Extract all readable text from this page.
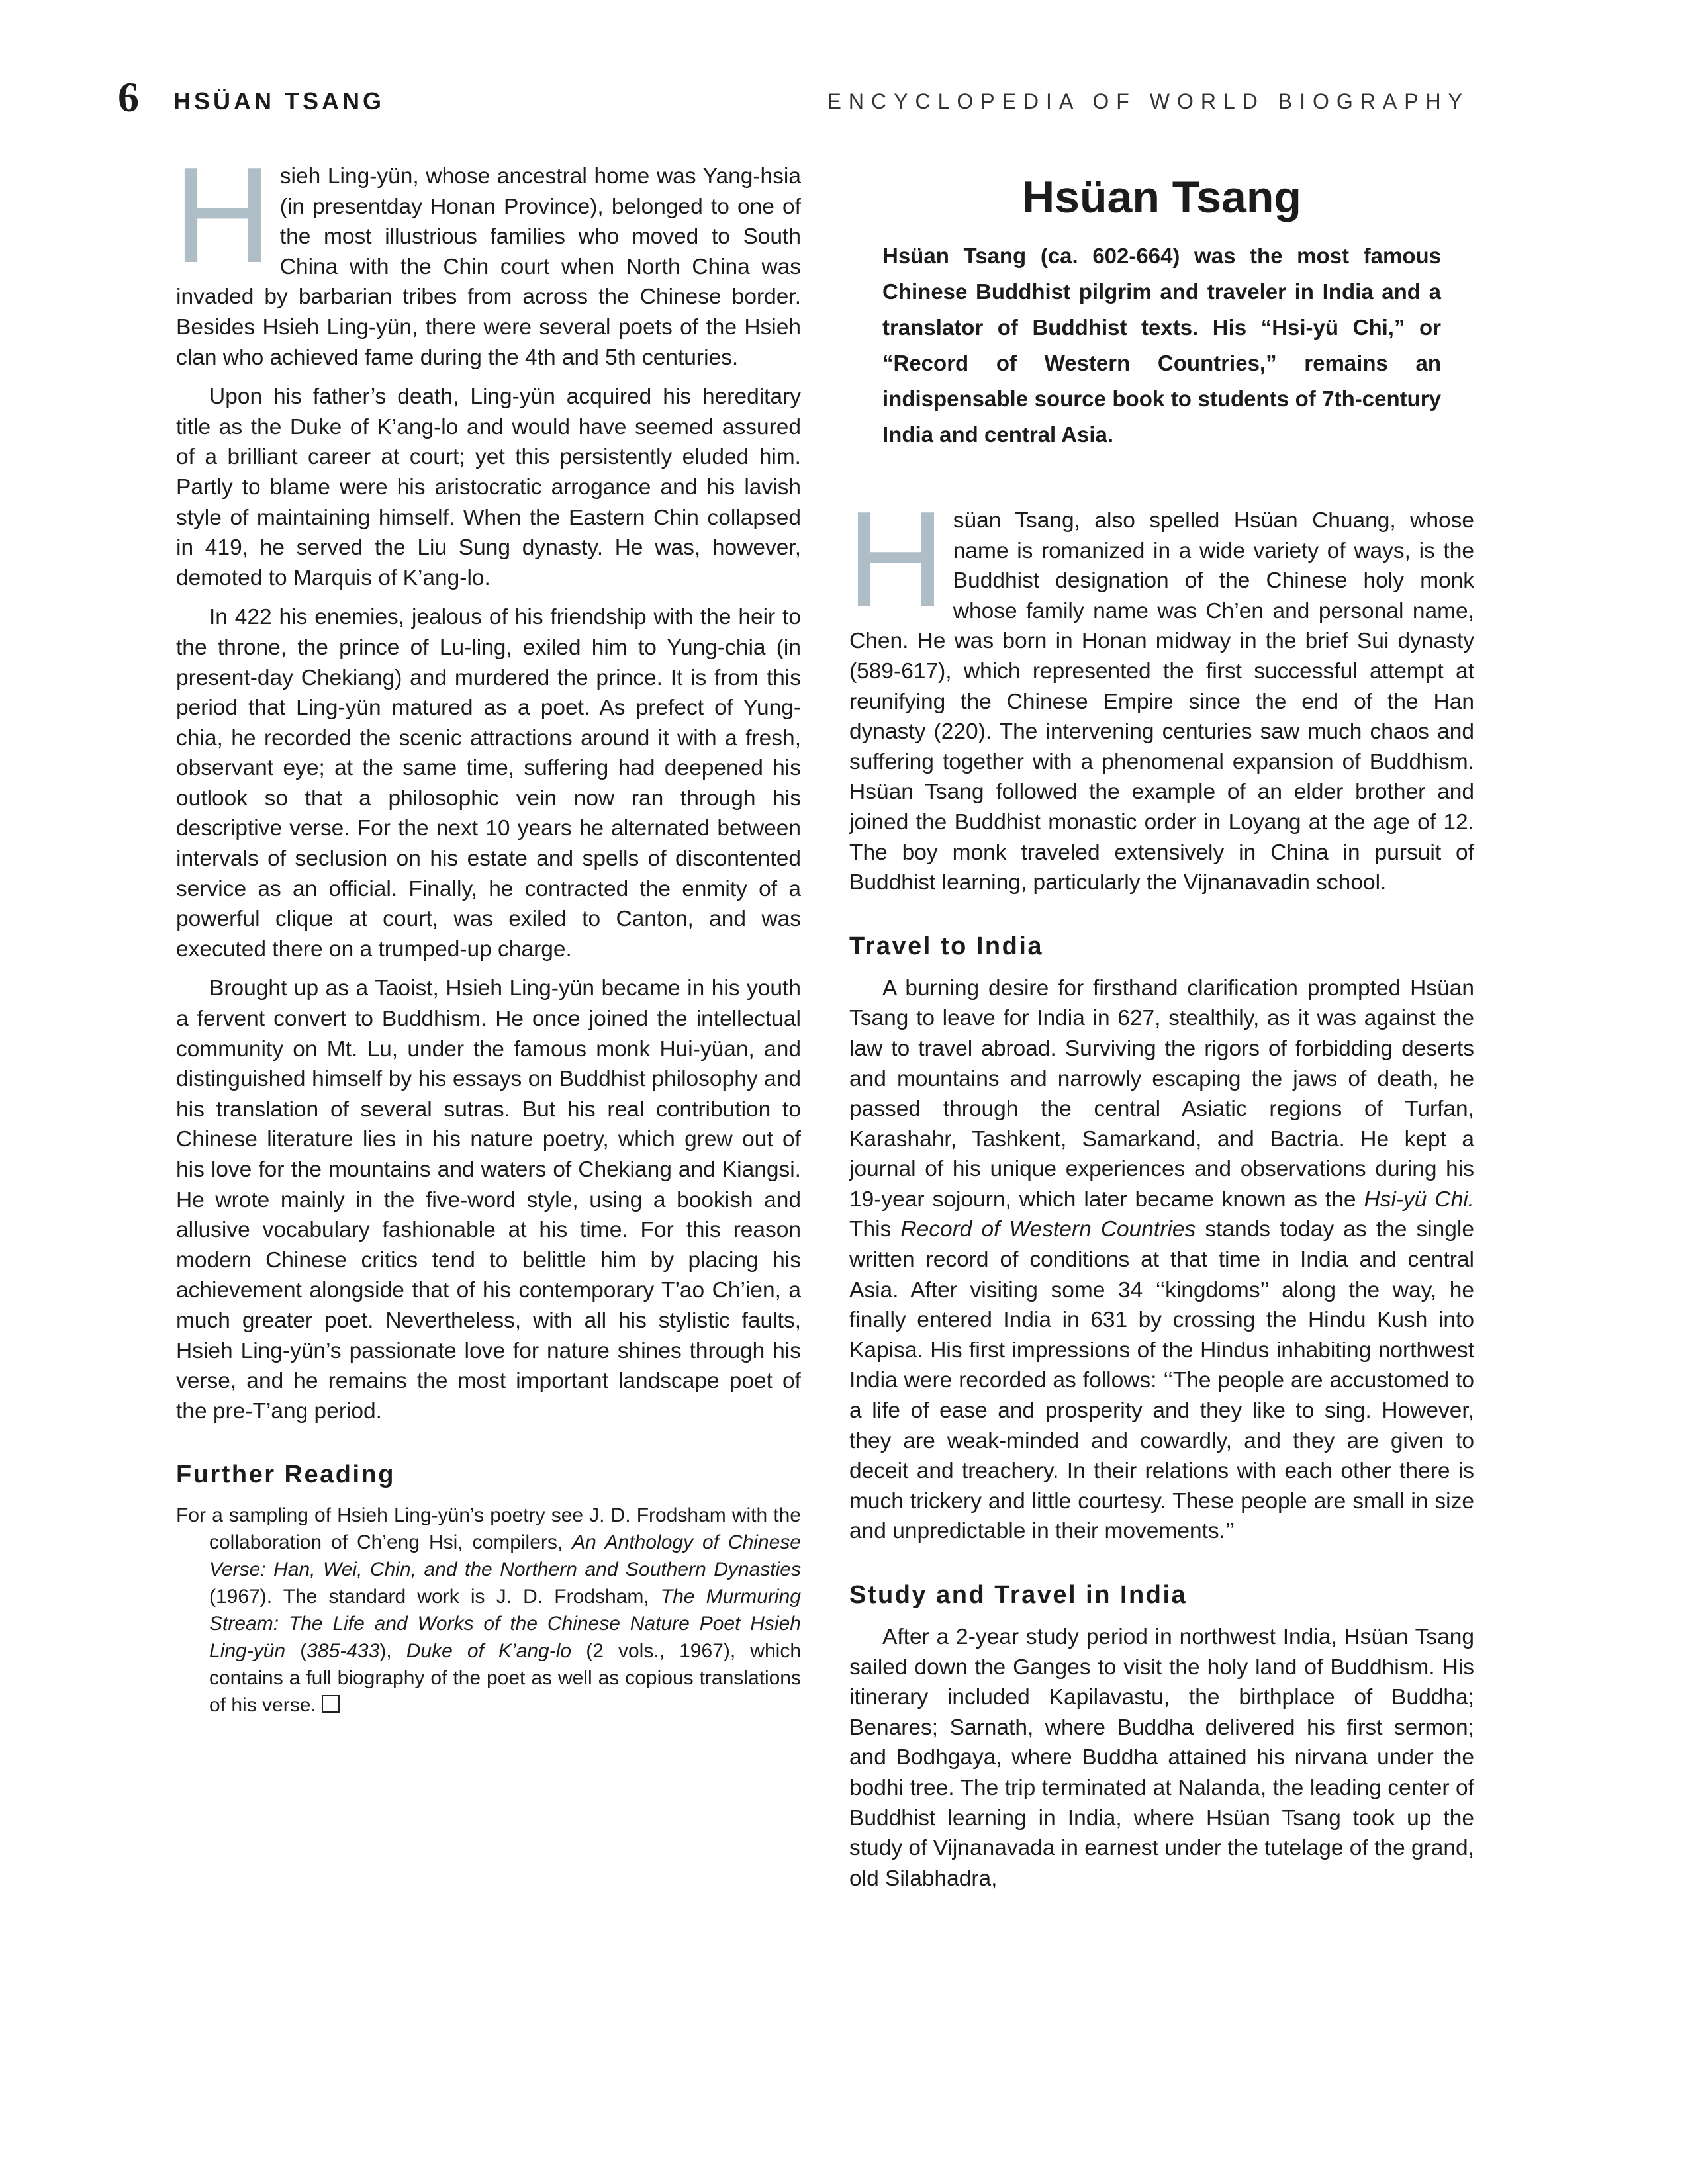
6 HSÜAN TSANG	ENCYCLOPEDIA OF WORLD BIOGRAPHY

Hsieh Ling-yün, whose ancestral home was Yang-hsia (in presentday Honan Province), belonged to one of the most illustrious families who moved to South China with the Chin court when North China was invaded by barbarian tribes from across the Chinese border. Besides Hsieh Ling-yün, there were several poets of the Hsieh clan who achieved fame during the 4th and 5th centuries.

Upon his father’s death, Ling-yün acquired his hereditary title as the Duke of K’ang-lo and would have seemed assured of a brilliant career at court; yet this persistently eluded him. Partly to blame were his aristocratic arrogance and his lavish style of maintaining himself. When the Eastern Chin collapsed in 419, he served the Liu Sung dynasty. He was, however, demoted to Marquis of K’ang-lo.

In 422 his enemies, jealous of his friendship with the heir to the throne, the prince of Lu-ling, exiled him to Yung-chia (in present-day Chekiang) and murdered the prince. It is from this period that Ling-yün matured as a poet. As prefect of Yung-chia, he recorded the scenic attractions around it with a fresh, observant eye; at the same time, suffering had deepened his outlook so that a philosophic vein now ran through his descriptive verse. For the next 10 years he alternated between intervals of seclusion on his estate and spells of discontented service as an official. Finally, he contracted the enmity of a powerful clique at court, was exiled to Canton, and was executed there on a trumped-up charge.

Brought up as a Taoist, Hsieh Ling-yün became in his youth a fervent convert to Buddhism. He once joined the intellectual community on Mt. Lu, under the famous monk Hui-yüan, and distinguished himself by his essays on Buddhist philosophy and his translation of several sutras. But his real contribution to Chinese literature lies in his nature poetry, which grew out of his love for the mountains and waters of Chekiang and Kiangsi. He wrote mainly in the five-word style, using a bookish and allusive vocabulary fashionable at his time. For this reason modern Chinese critics tend to belittle him by placing his achievement alongside that of his contemporary T’ao Ch’ien, a much greater poet. Nevertheless, with all his stylistic faults, Hsieh Ling-yün’s passionate love for nature shines through his verse, and he remains the most important landscape poet of the pre-T’ang period.

Further Reading

For a sampling of Hsieh Ling-yün’s poetry see J. D. Frodsham with the collaboration of Ch’eng Hsi, compilers, An Anthology of Chinese Verse: Han, Wei, Chin, and the Northern and Southern Dynasties (1967). The standard work is J. D. Frodsham, The Murmuring Stream: The Life and Works of the Chinese Nature Poet Hsieh Ling-yün (385-433), Duke of K’ang-lo (2 vols., 1967), which contains a full biography of the poet as well as copious translations of his verse.

Hsüan Tsang
Hsüan Tsang (ca. 602-664) was the most famous Chinese Buddhist pilgrim and traveler in India and a translator of Buddhist texts. His “Hsi-yü Chi,” or “Record of Western Countries,” remains an indispensable source book to students of 7th-century India and central Asia.

Hsüan Tsang, also spelled Hsüan Chuang, whose name is romanized in a wide variety of ways, is the Buddhist designation of the Chinese holy monk whose family name was Ch’en and personal name, Chen. He was born in Honan midway in the brief Sui dynasty (589-617), which represented the first successful attempt at reunifying the Chinese Empire since the end of the Han dynasty (220). The intervening centuries saw much chaos and suffering together with a phenomenal expansion of Buddhism. Hsüan Tsang followed the example of an elder brother and joined the Buddhist monastic order in Loyang at the age of 12. The boy monk traveled extensively in China in pursuit of Buddhist learning, particularly the Vijnanavadin school.

Travel to India

A burning desire for firsthand clarification prompted Hsüan Tsang to leave for India in 627, stealthily, as it was against the law to travel abroad. Surviving the rigors of forbidding deserts and mountains and narrowly escaping the jaws of death, he passed through the central Asiatic regions of Turfan, Karashahr, Tashkent, Samarkand, and Bactria. He kept a journal of his unique experiences and observations during his 19-year sojourn, which later became known as the Hsi-yü Chi. This Record of Western Countries stands today as the single written record of conditions at that time in India and central Asia. After visiting some 34 ‘‘kingdoms’’ along the way, he finally entered India in 631 by crossing the Hindu Kush into Kapisa. His first impressions of the Hindus inhabiting northwest India were recorded as follows: ‘‘The people are accustomed to a life of ease and prosperity and they like to sing. However, they are weak-minded and cowardly, and they are given to deceit and treachery. In their relations with each other there is much trickery and little courtesy. These people are small in size and unpredictable in their movements.’’

Study and Travel in India

After a 2-year study period in northwest India, Hsüan Tsang sailed down the Ganges to visit the holy land of Buddhism. His itinerary included Kapilavastu, the birthplace of Buddha; Benares; Sarnath, where Buddha delivered his first sermon; and Bodhgaya, where Buddha attained his nirvana under the bodhi tree. The trip terminated at Nalanda, the leading center of Buddhist learning in India, where Hsüan Tsang took up the study of Vijnanavada in earnest under the tutelage of the grand, old Silabhadra,
